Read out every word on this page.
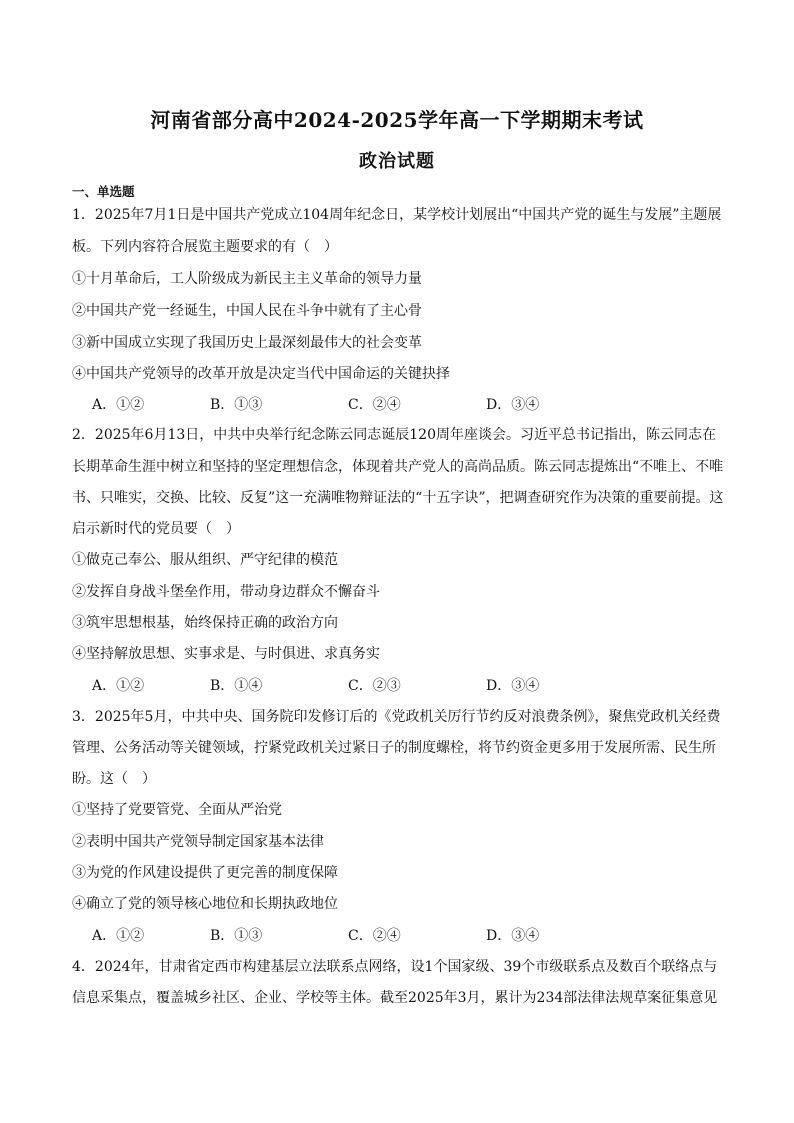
河南省部分高中2024-2025学年高一下学期期末考试
政治试题
一、单选题
1．2025年7月1日是中国共产党成立104周年纪念日，某学校计划展出“中国共产党的诞生与发展”主题展
板。下列内容符合展览主题要求的有（　）
①十月革命后，工人阶级成为新民主主义革命的领导力量
②中国共产党一经诞生，中国人民在斗争中就有了主心骨
③新中国成立实现了我国历史上最深刻最伟大的社会变革
④中国共产党领导的改革开放是决定当代中国命运的关键抉择
A．①②	B．①③	C．②④	D．③④
2．2025年6月13日，中共中央举行纪念陈云同志诞辰120周年座谈会。习近平总书记指出，陈云同志在
长期革命生涯中树立和坚持的坚定理想信念，体现着共产党人的高尚品质。陈云同志提炼出“不唯上、不唯
书、只唯实，交换、比较、反复”这一充满唯物辩证法的“十五字诀”，把调查研究作为决策的重要前提。这
启示新时代的党员要（　）
①做克己奉公、服从组织、严守纪律的模范
②发挥自身战斗堡垒作用，带动身边群众不懈奋斗
③筑牢思想根基，始终保持正确的政治方向
④坚持解放思想、实事求是、与时俱进、求真务实
A．①②	B．①④	C．②③	D．③④
3．2025年5月，中共中央、国务院印发修订后的《党政机关厉行节约反对浪费条例》，聚焦党政机关经费
管理、公务活动等关键领域，拧紧党政机关过紧日子的制度螺栓，将节约资金更多用于发展所需、民生所
盼。这（　）
①坚持了党要管党、全面从严治党
②表明中国共产党领导制定国家基本法律
③为党的作风建设提供了更完善的制度保障
④确立了党的领导核心地位和长期执政地位
A．①②	B．①③	C．②④	D．③④
4．2024年，甘肃省定西市构建基层立法联系点网络，设1个国家级、39个市级联系点及数百个联络点与
信息采集点，覆盖城乡社区、企业、学校等主体。截至2025年3月，累计为234部法律法规草案征集意见
